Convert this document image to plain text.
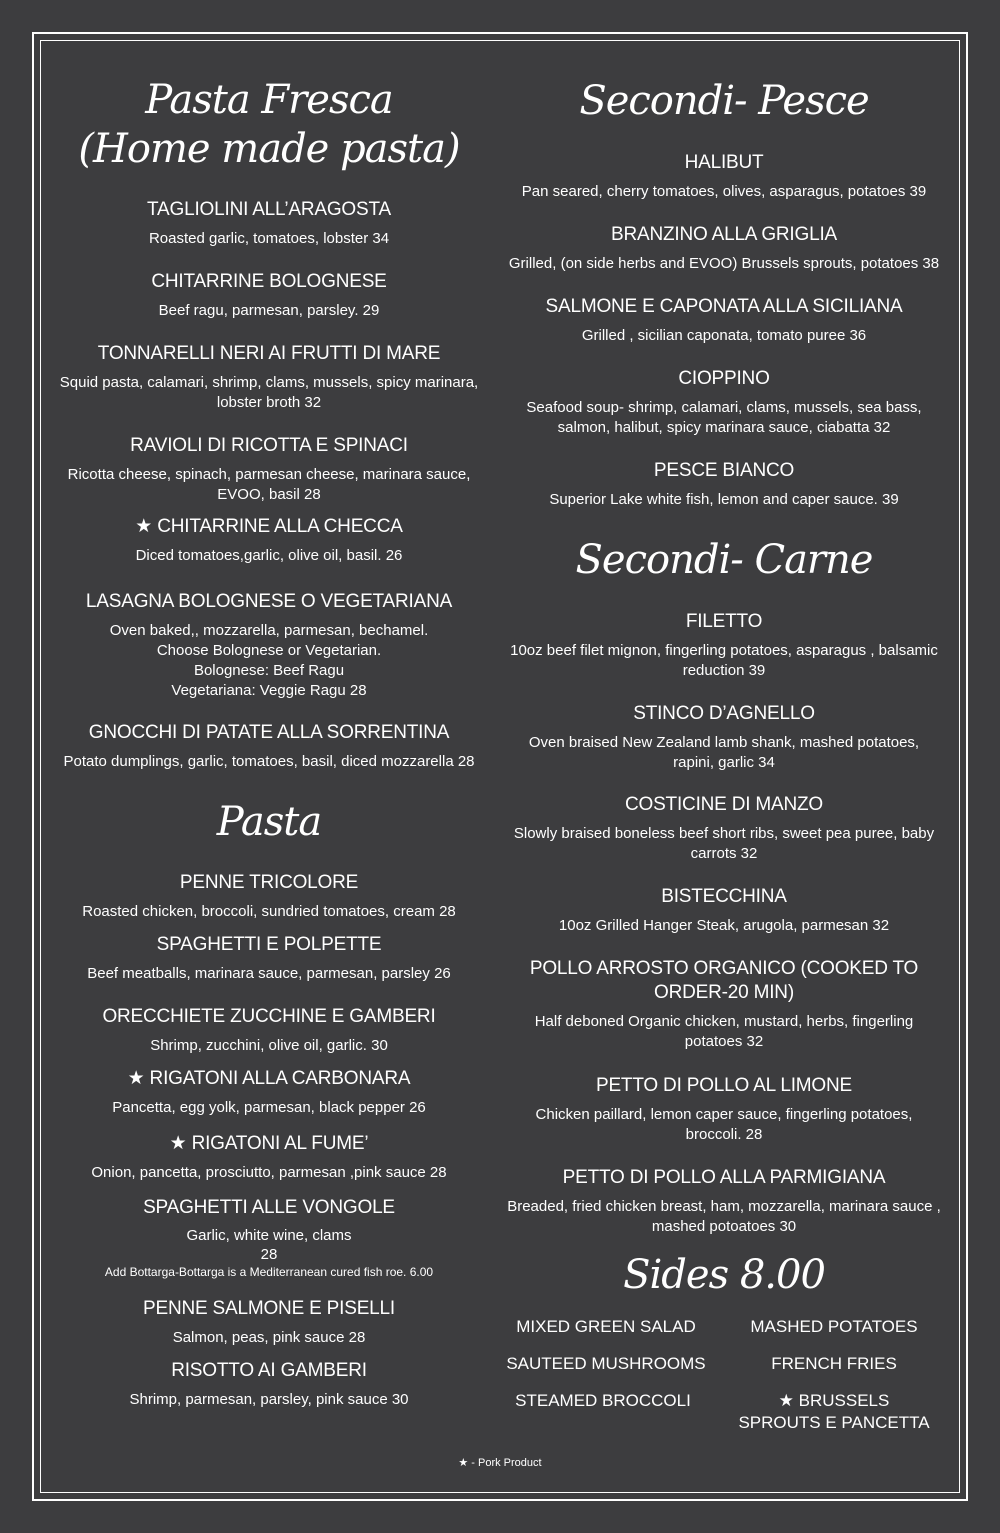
Pasta Fresca
(Home made pasta)
TAGLIOLINI ALL’ARAGOSTA
Roasted garlic, tomatoes, lobster 34
CHITARRINE BOLOGNESE
Beef ragu, parmesan, parsley. 29
TONNARELLI NERI AI FRUTTI DI MARE
Squid pasta, calamari, shrimp, clams, mussels, spicy marinara,
lobster broth 32
RAVIOLI DI RICOTTA E SPINACI
Ricotta cheese, spinach, parmesan cheese, marinara sauce,
EVOO, basil 28
★ CHITARRINE ALLA CHECCA
Diced tomatoes,garlic, olive oil, basil. 26
LASAGNA BOLOGNESE O VEGETARIANA
Oven baked,, mozzarella, parmesan, bechamel.
Choose Bolognese or Vegetarian.
Bolognese: Beef Ragu
Vegetariana: Veggie Ragu 28
GNOCCHI DI PATATE ALLA SORRENTINA
Potato dumplings, garlic, tomatoes, basil, diced mozzarella 28
Pasta
PENNE TRICOLORE
Roasted chicken, broccoli, sundried tomatoes, cream 28
SPAGHETTI E POLPETTE
Beef meatballs, marinara sauce, parmesan, parsley 26
ORECCHIETE ZUCCHINE E GAMBERI
Shrimp, zucchini, olive oil, garlic. 30
★ RIGATONI ALLA CARBONARA
Pancetta, egg yolk, parmesan, black pepper 26
★ RIGATONI AL FUME’
Onion, pancetta, prosciutto, parmesan ,pink sauce 28
SPAGHETTI ALLE VONGOLE
Garlic, white wine, clams
28
Add Bottarga-Bottarga is a Mediterranean cured fish roe. 6.00
PENNE SALMONE E PISELLI
Salmon, peas, pink sauce 28
RISOTTO AI GAMBERI
Shrimp, parmesan, parsley, pink sauce 30
Secondi- Pesce
HALIBUT
Pan seared, cherry tomatoes, olives, asparagus, potatoes 39
BRANZINO ALLA GRIGLIA
Grilled, (on side herbs and EVOO) Brussels sprouts, potatoes 38
SALMONE E CAPONATA ALLA SICILIANA
Grilled , sicilian caponata, tomato puree 36
CIOPPINO
Seafood soup- shrimp, calamari, clams, mussels, sea bass,
salmon, halibut, spicy marinara sauce, ciabatta 32
PESCE BIANCO
Superior Lake white fish, lemon and caper sauce. 39
Secondi- Carne
FILETTO
10oz beef filet mignon, fingerling potatoes, asparagus , balsamic
reduction 39
STINCO D’AGNELLO
Oven braised New Zealand lamb shank, mashed potatoes,
rapini, garlic 34
COSTICINE DI MANZO
Slowly braised boneless beef short ribs, sweet pea puree, baby
carrots 32
BISTECCHINA
10oz Grilled Hanger Steak, arugola, parmesan 32
POLLO ARROSTO ORGANICO (COOKED TO
ORDER-20 MIN)
Half deboned Organic chicken, mustard, herbs, fingerling
potatoes 32
PETTO DI POLLO AL LIMONE
Chicken paillard, lemon caper sauce, fingerling potatoes,
broccoli. 28
PETTO DI POLLO ALLA PARMIGIANA
Breaded, fried chicken breast, ham, mozzarella, marinara sauce ,
mashed potoatoes 30
Sides 8.00
MIXED GREEN SALAD
SAUTEED MUSHROOMS
STEAMED BROCCOLI
MASHED POTATOES
FRENCH FRIES
★ BRUSSELS
SPROUTS E PANCETTA
★ - Pork Product
